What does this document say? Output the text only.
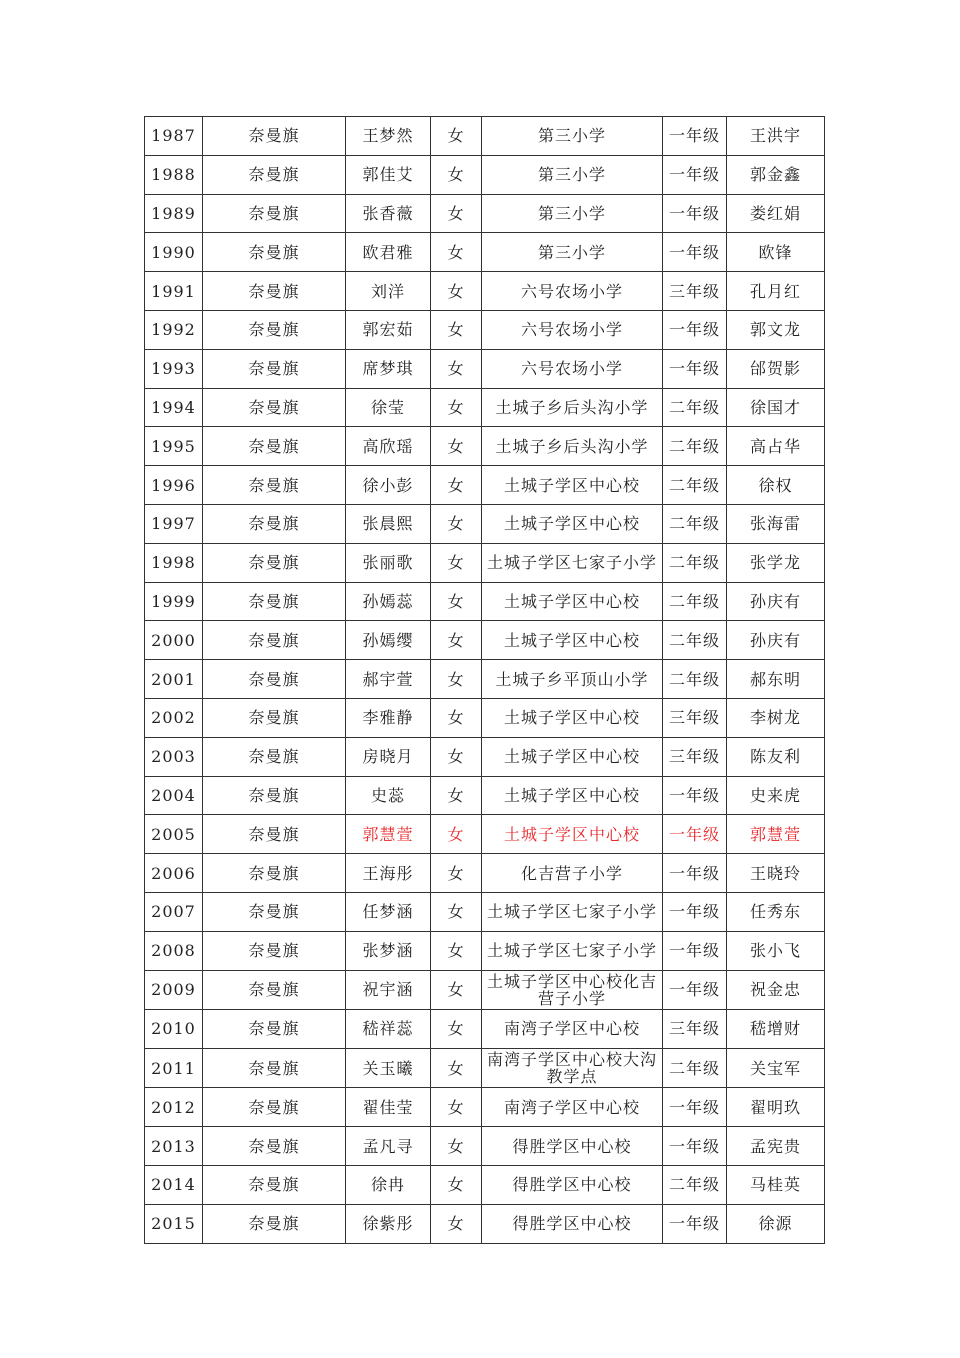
1987	奈曼旗	王梦然	女	第三小学	一年级	王洪宇
1988	奈曼旗	郭佳艾	女	第三小学	一年级	郭金鑫
1989	奈曼旗	张香薇	女	第三小学	一年级	娄红娟
1990	奈曼旗	欧君雅	女	第三小学	一年级	欧锋
1991	奈曼旗	刘洋	女	六号农场小学	三年级	孔月红
1992	奈曼旗	郭宏茹	女	六号农场小学	一年级	郭文龙
1993	奈曼旗	席梦琪	女	六号农场小学	一年级	邰贺影
1994	奈曼旗	徐莹	女	土城子乡后头沟小学	二年级	徐国才
1995	奈曼旗	高欣瑶	女	土城子乡后头沟小学	二年级	高占华
1996	奈曼旗	徐小彭	女	土城子学区中心校	二年级	徐权
1997	奈曼旗	张晨熙	女	土城子学区中心校	二年级	张海雷
1998	奈曼旗	张丽歌	女	土城子学区七家子小学	二年级	张学龙
1999	奈曼旗	孙嫣蕊	女	土城子学区中心校	二年级	孙庆有
2000	奈曼旗	孙嫣缨	女	土城子学区中心校	二年级	孙庆有
2001	奈曼旗	郝宇萱	女	土城子乡平顶山小学	二年级	郝东明
2002	奈曼旗	李雅静	女	土城子学区中心校	三年级	李树龙
2003	奈曼旗	房晓月	女	土城子学区中心校	三年级	陈友利
2004	奈曼旗	史蕊	女	土城子学区中心校	一年级	史来虎
2005	奈曼旗	郭慧萱	女	土城子学区中心校	一年级	郭慧萱
2006	奈曼旗	王海彤	女	化吉营子小学	一年级	王晓玲
2007	奈曼旗	任梦涵	女	土城子学区七家子小学	一年级	任秀东
2008	奈曼旗	张梦涵	女	土城子学区七家子小学	一年级	张小飞
2009	奈曼旗	祝宇涵	女	土城子学区中心校化吉营子小学	一年级	祝金忠
2010	奈曼旗	嵇祥蕊	女	南湾子学区中心校	三年级	嵇增财
2011	奈曼旗	关玉曦	女	南湾子学区中心校大沟教学点	二年级	关宝军
2012	奈曼旗	翟佳莹	女	南湾子学区中心校	一年级	翟明玖
2013	奈曼旗	孟凡寻	女	得胜学区中心校	一年级	孟宪贵
2014	奈曼旗	徐冉	女	得胜学区中心校	二年级	马桂英
2015	奈曼旗	徐紫彤	女	得胜学区中心校	一年级	徐源
